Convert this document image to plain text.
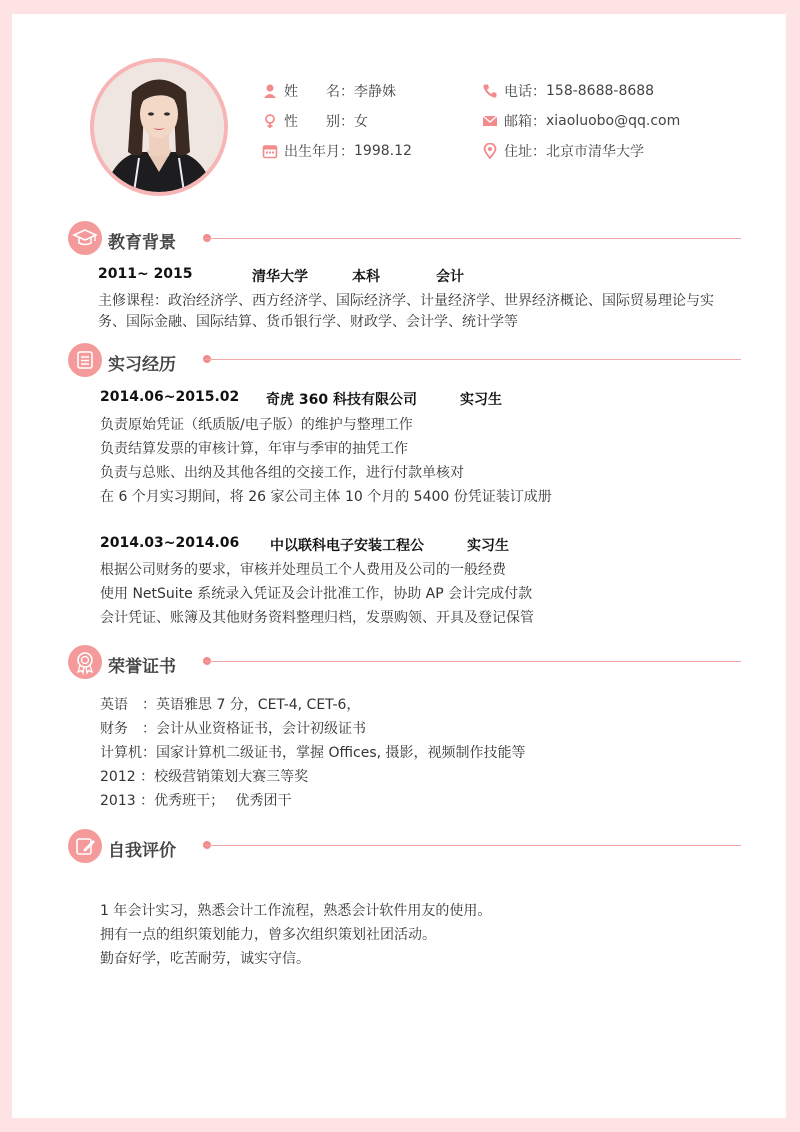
姓　　名： 李静姝
性　　别： 女
出生年月： 1998.12
电话： 158-8688-8688
邮箱： xiaoluobo@qq.com
住址： 北京市清华大学
教育背景
2011~ 2015	清华大学	本科	会计
主修课程：政治经济学、西方经济学、国际经济学、计量经济学、世界经济概论、国际贸易理论与实
务、国际金融、国际结算、货币银行学、财政学、会计学、统计学等
实习经历
2014.06~2015.02 奇虎 360 科技有限公司	实习生
负责原始凭证（纸质版/电子版）的维护与整理工作
负责结算发票的审核计算，年审与季审的抽凭工作
负责与总账、出纳及其他各组的交接工作，进行付款单核对
在 6 个月实习期间，将 26 家公司主体 10 个月的 5400 份凭证装订成册
2014.03~2014.06 中以联科电子安装工程公	实习生
根据公司财务的要求，审核并处理员工个人费用及公司的一般经费
使用 NetSuite 系统录入凭证及会计批准工作，协助 AP 会计完成付款
会计凭证、账簿及其他财务资料整理归档，发票购领、开具及登记保管
荣誉证书
英语　：英语雅思 7 分，CET-4, CET-6，
财务　：会计从业资格证书，会计初级证书
计算机：国家计算机二级证书，掌握 Offices, 摄影，视频制作技能等
2012 ：校级营销策划大赛三等奖
2013 ：优秀班干；　 优秀团干
自我评价
1 年会计实习，熟悉会计工作流程，熟悉会计软件用友的使用。
拥有一点的组织策划能力，曾多次组织策划社团活动。
勤奋好学，吃苦耐劳，诚实守信。
